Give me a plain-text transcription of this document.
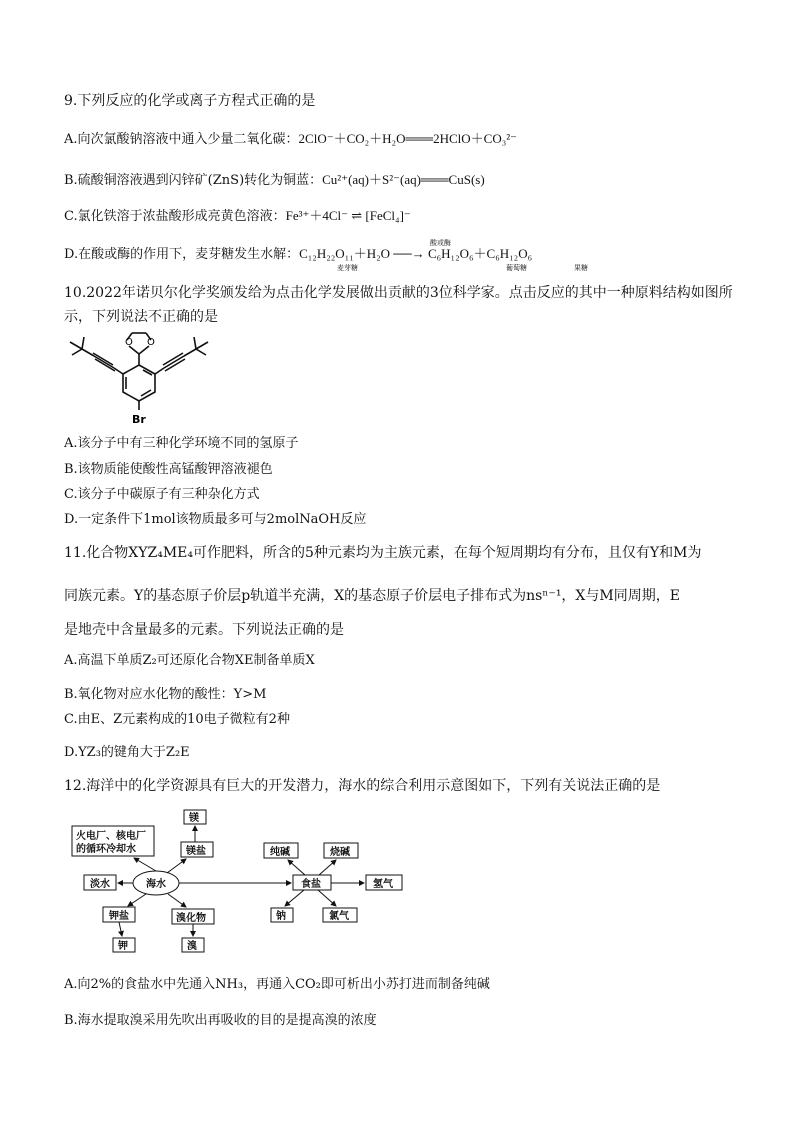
9.下列反应的化学或离子方程式正确的是
A.向次氯酸钠溶液中通入少量二氧化碳：2ClO⁻＋CO₂＋H₂O═══2HClO＋CO₃²⁻
B.硫酸铜溶液遇到闪锌矿(ZnS)转化为铜蓝：Cu²⁺(aq)＋S²⁻(aq)═══CuS(s)
C.氯化铁溶于浓盐酸形成亮黄色溶液：Fe³⁺＋4Cl⁻ ⇌ [FeCl₄]⁻
D.在酸或酶的作用下，麦芽糖发生水解：C₁₂H₂₂O₁₁＋H₂O ──→ C₆H₁₂O₆＋C₆H₁₂O₆
酸或酶
麦芽糖	葡萄糖	果糖
10.2022年诺贝尔化学奖颁发给为点击化学发展做出贡献的3位科学家。点击反应的其中一种原料结构如图所
示，下列说法不正确的是
O O
Br
A.该分子中有三种化学环境不同的氢原子
B.该物质能使酸性高锰酸钾溶液褪色
C.该分子中碳原子有三种杂化方式
D.一定条件下1mol该物质最多可与2molNaOH反应
11.化合物XYZ₄ME₄可作肥料，所含的5种元素均为主族元素，在每个短周期均有分布，且仅有Y和M为
同族元素。Y的基态原子价层p轨道半充满，X的基态原子价层电子排布式为nsⁿ⁻¹，X与M同周期，E
是地壳中含量最多的元素。下列说法正确的是
A.高温下单质Z₂可还原化合物XE制备单质X
B.氧化物对应水化物的酸性：Y>M
C.由E、Z元素构成的10电子微粒有2种
D.YZ₃的键角大于Z₂E
12.海洋中的化学资源具有巨大的开发潜力，海水的综合利用示意图如下，下列有关说法正确的是
火电厂、核电厂
的循环冷却水
海水
镁
镁盐
淡水
钾盐
钾
溴化物
溴
纯碱	烧碱
食盐	氢气
钠	氯气
A.向2%的食盐水中先通入NH₃，再通入CO₂即可析出小苏打进而制备纯碱
B.海水提取溴采用先吹出再吸收的目的是提高溴的浓度
